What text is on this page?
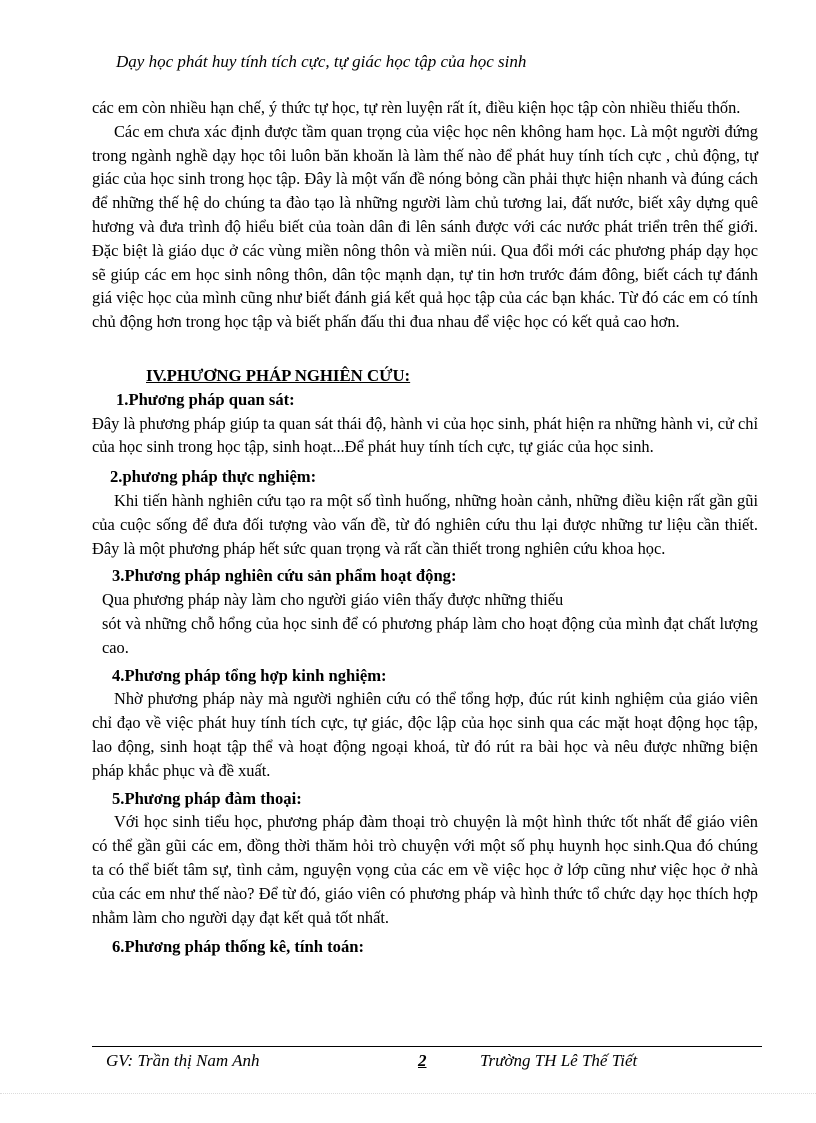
Dạy học phát huy tính tích cực, tự giác học tập của học sinh

các em còn nhiều hạn chế, ý thức tự học, tự rèn luyện rất ít, điều kiện học tập còn nhiều thiếu thốn.

Các em chưa xác định được tầm quan trọng của việc học nên không ham học. Là một người đứng trong ngành nghề dạy học tôi luôn băn khoăn là làm thế nào để phát huy tính tích cực , chủ động, tự giác của học sinh trong học tập. Đây là một vấn đề nóng bỏng cần phải thực hiện nhanh và đúng cách để những thế hệ do chúng ta đào tạo là những người làm chủ tương lai, đất nước, biết xây dựng quê hương và đưa trình độ hiểu biết của toàn dân đi lên sánh được với các nước phát triển trên thế giới. Đặc biệt là giáo dục ở các vùng miền nông thôn và miền núi. Qua đổi mới các phương pháp dạy học sẽ giúp các em học sinh nông thôn, dân tộc mạnh dạn, tự tin hơn trước đám đông, biết cách tự đánh giá việc học của mình cũng như biết đánh giá kết quả học tập của các bạn khác. Từ đó các em có tính chủ động hơn trong học tập và biết phấn đấu thi đua nhau để việc học có kết quả cao hơn.

IV.PHƯƠNG PHÁP NGHIÊN CỨU:

1.Phương pháp quan sát:

Đây là phương pháp giúp ta quan sát thái độ, hành vi của học sinh, phát hiện ra những hành vi, cử chỉ của học sinh trong học tập, sinh hoạt...Để phát huy tính tích cực, tự giác của học sinh.

2.phương pháp thực nghiệm:

Khi tiến hành nghiên cứu tạo ra một số tình huống, những hoàn cảnh, những điều kiện rất gần gũi của cuộc sống để đưa đối tượng vào vấn đề, từ đó nghiên cứu thu lại được những tư liệu cần thiết. Đây là một phương pháp hết sức quan trọng và rất cần thiết trong nghiên cứu khoa học.

3.Phương pháp nghiên cứu sản phẩm hoạt động:

Qua phương pháp này làm cho người giáo viên thấy được những thiếu

sót và những chỗ hổng của học sinh để có phương pháp làm cho hoạt động của mình đạt chất lượng cao.

4.Phương pháp tổng hợp kinh nghiệm:

Nhờ phương pháp này mà người nghiên cứu có thể tổng hợp, đúc rút kinh nghiệm của giáo viên chỉ đạo về việc phát huy tính tích cực, tự giác, độc lập của học sinh qua các mặt hoạt động học tập, lao động, sinh hoạt tập thể và hoạt động ngoại khoá, từ đó rút ra bài học và nêu được những biện pháp khắc phục và đề xuất.

5.Phương pháp đàm thoại:

Với học sinh tiểu học, phương pháp đàm thoại trò chuyện là một hình thức tốt nhất để giáo viên có thể gần gũi các em, đồng thời thăm hỏi trò chuyện với một số phụ huynh học sinh.Qua đó chúng ta có thể biết tâm sự, tình cảm, nguyện vọng của các em về việc học ở lớp cũng như việc học ở nhà của các em như thế nào? Để từ đó, giáo viên có phương pháp và hình thức tổ chức dạy học thích hợp nhằm làm cho người dạy đạt kết quả tốt nhất.

6.Phương pháp thống kê, tính toán:

GV: Trần thị Nam Anh	2	Trường TH Lê Thế Tiết
